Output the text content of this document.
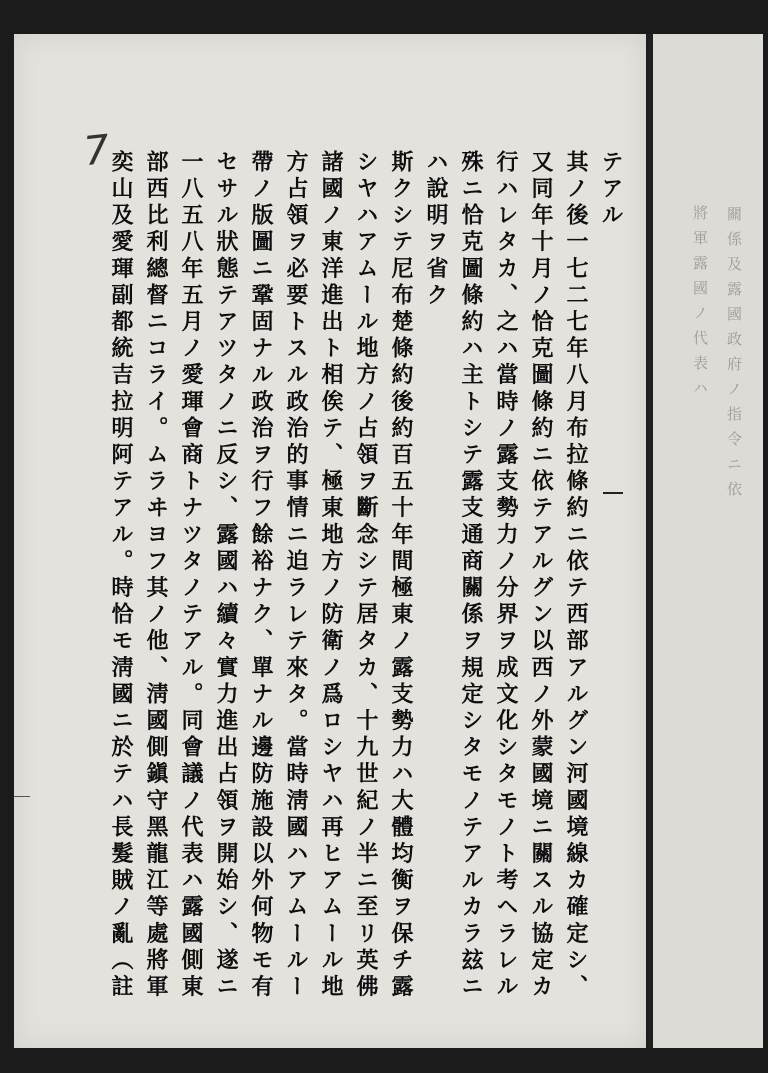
將軍露國ノ代表ハ 關係及露國政府ノ指令ニ依
7	テアル
其ノ後一七二七年八月布拉條約ニ依テ西部アルグン河國境線カ確定シ、
又同年十月ノ恰克圖條約ニ依テアルグン以西ノ外蒙國境ニ關スル協定カ
行ハレタカ、之ハ當時ノ露支勢力ノ分界ヲ成文化シタモノト考ヘラレル
殊ニ恰克圖條約ハ主トシテ露支通商關係ヲ規定シタモノテアルカラ玆ニ
ハ說明ヲ省ク
斯クシテ尼布楚條約後約百五十年間極東ノ露支勢力ハ大體均衡ヲ保チ露
シヤハアムール地方ノ占領ヲ斷念シテ居タカ、十九世紀ノ半ニ至リ英佛
諸國ノ東洋進出ト相俟テ、極東地方ノ防衛ノ爲ロシヤハ再ヒアムール地
方占領ヲ必要トスル政治的事情ニ迫ラレテ來タ。當時淸國ハアムールー
帶ノ版圖ニ鞏固ナル政治ヲ行フ餘裕ナク、單ナル邊防施設以外何物モ有
セサル狀態テアツタノニ反シ、露國ハ續々實力進出占領ヲ開始シ、遂ニ
一八五八年五月ノ愛琿會商トナツタノテアル。同會議ノ代表ハ露國側東
部西比利總督ニコライ。ムラヰヨフ其ノ他、淸國側鎭守黑龍江等處將軍
奕山及愛琿副都統吉拉明阿テアル。時恰モ淸國ニ於テハ長髮賊ノ亂（註
